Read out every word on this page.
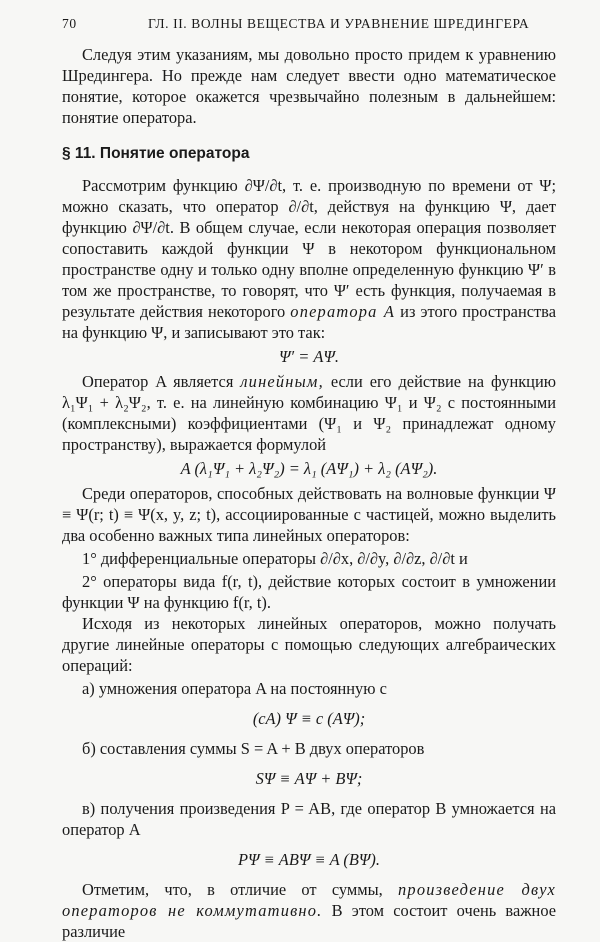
70	ГЛ. II. ВОЛНЫ ВЕЩЕСТВА И УРАВНЕНИЕ ШРЕДИНГЕРА

Следуя этим указаниям, мы довольно просто придем к уравнению Шредингера. Но прежде нам следует ввести одно математическое понятие, которое окажется чрезвычайно полезным в дальнейшем: понятие оператора.

§ 11. Понятие оператора

Рассмотрим функцию ∂Ψ/∂t, т. е. производную по времени от Ψ; можно сказать, что оператор ∂/∂t, действуя на функцию Ψ, дает функцию ∂Ψ/∂t. В общем случае, если некоторая операция позволяет сопоставить каждой функции Ψ в некотором функциональном пространстве одну и только одну вполне определенную функцию Ψ′ в том же пространстве, то говорят, что Ψ′ есть функция, получаемая в результате действия некоторого оператора A из этого пространства на функцию Ψ, и записывают это так:

Ψ′ = AΨ.

Оператор A является линейным, если его действие на функцию λ₁Ψ₁ + λ₂Ψ₂, т. е. на линейную комбинацию Ψ₁ и Ψ₂ с постоянными (комплексными) коэффициентами (Ψ₁ и Ψ₂ принадлежат одному пространству), выражается формулой

A (λ₁Ψ₁ + λ₂Ψ₂) = λ₁ (AΨ₁) + λ₂ (AΨ₂).

Среди операторов, способных действовать на волновые функции Ψ ≡ Ψ(r; t) ≡ Ψ(x, y, z; t), ассоциированные с частицей, можно выделить два особенно важных типа линейных операторов:

1° дифференциальные операторы ∂/∂x, ∂/∂y, ∂/∂z, ∂/∂t и

2° операторы вида f(r, t), действие которых состоит в умножении функции Ψ на функцию f(r, t).

Исходя из некоторых линейных операторов, можно получать другие линейные операторы с помощью следующих алгебраических операций:

а) умножения оператора A на постоянную c

(cA) Ψ ≡ c (AΨ);

б) составления суммы S = A + B двух операторов

SΨ ≡ AΨ + BΨ;

в) получения произведения P = AB, где оператор B умножается на оператор A

PΨ ≡ ABΨ ≡ A (BΨ).

Отметим, что, в отличие от суммы, произведение двух операторов не коммутативно. В этом состоит очень важное различие
